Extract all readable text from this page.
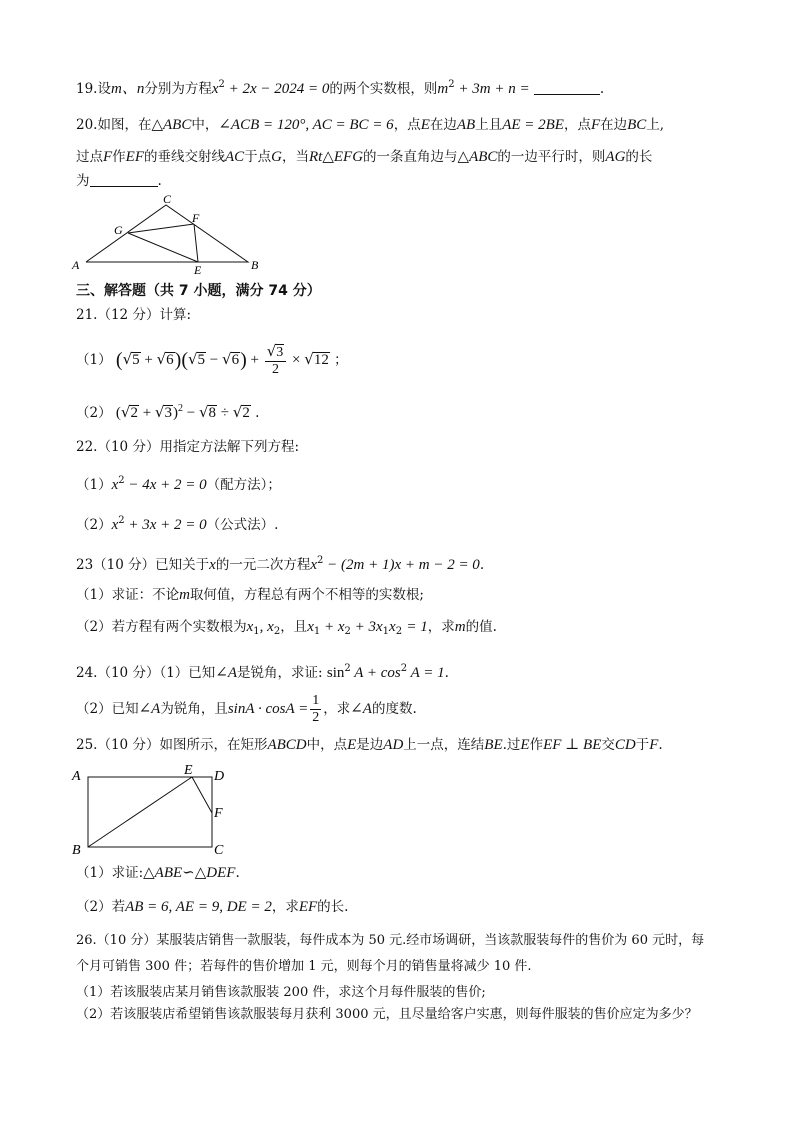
19.设m、n分别为方程$x^2 + 2x - 2024 = 0$的两个实数根，则$m^2 + 3m + n$ =	.
20.如图，在△ABC中，∠ACB = 120°, AC = BC = 6，点E在边AB上且AE = 2BE，点F在边BC上,
过点F作EF的垂线交射线AC于点G，当Rt△EFG的一条直角边与△ABC的一边平行时，则AG的长
为	.
C
F
G
A	E	B
三、解答题（共 7 小题，满分 74 分）
21.（12 分）计算:
（1） $(√5 + √6)(√5 - √6) + \frac{√3}{2} \times √12$ ；
（2） $(√2 + √3)^2 - √8 \div √2$ .
22.（10 分）用指定方法解下列方程:
$(1)x^2 - 4x + 2 = 0$（配方法）；
$(2)x^2 + 3x + 2 = 0$（公式法）.
23（10 分）已知关于x的一元二次方程$x^2 - (2m + 1)x + m - 2 = 0$.
（1）求证：不论m取何值，方程总有两个不相等的实数根;
（2）若方程有两个实数根为$x_1$, $x_2$，且$x_1 + x_2 + 3x_1x_2 = 1$，求m的值.
24.（10 分）（1）已知∠A是锐角，求证: $\sin^2 A + \cos^2 A = 1$.
（2）已知∠A为锐角，且$\sin A \cdot \cos A = \frac{1}{2}$ ，求∠A的度数.
25.（10 分）如图所示，在矩形ABCD中，点E是边AD上一点，连结BE.过E作EF ⊥ BE交CD于F.
A	E D
F
B	C
（1）求证:△ABE∽△DEF.
（2）若AB = 6, AE = 9, DE = 2，求EF的长.
26.（10 分）某服装店销售一款服装，每件成本为 50 元.经市场调研，当该款服装每件的售价为 60 元时，每
个月可销售 300 件；若每件的售价增加 1 元，则每个月的销售量将减少 10 件.
（1）若该服装店某月销售该款服装 200 件，求这个月每件服装的售价;
（2）若该服装店希望销售该款服装每月获利 3000 元，且尽量给客户实惠，则每件服装的售价应定为多少？
